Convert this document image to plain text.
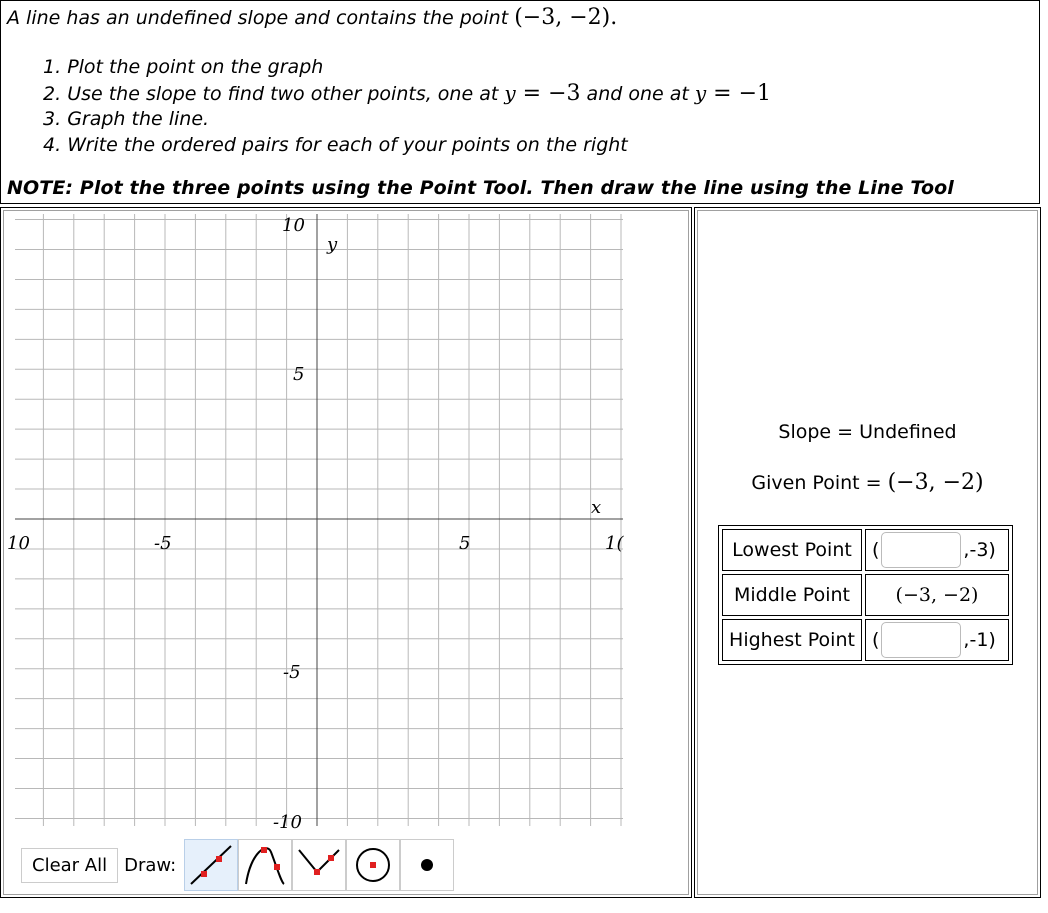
A line has an undefined slope and contains the point (−3, −2).
1. Plot the point on the graph
2. Use the slope to find two other points, one at y = −3 and one at y = −1
3. Graph the line.
4. Write the ordered pairs for each of your points on the right
NOTE: Plot the three points using the Point Tool. Then draw the line using the Line Tool
y
x
10
5
-5
-10
10	-5	5	1(
Clear All Draw:
Slope = Undefined
Given Point = (−3, −2)
Lowest Point	( ,-3)

Middle Point	(−3, −2)
Highest Point	( ,-1)
